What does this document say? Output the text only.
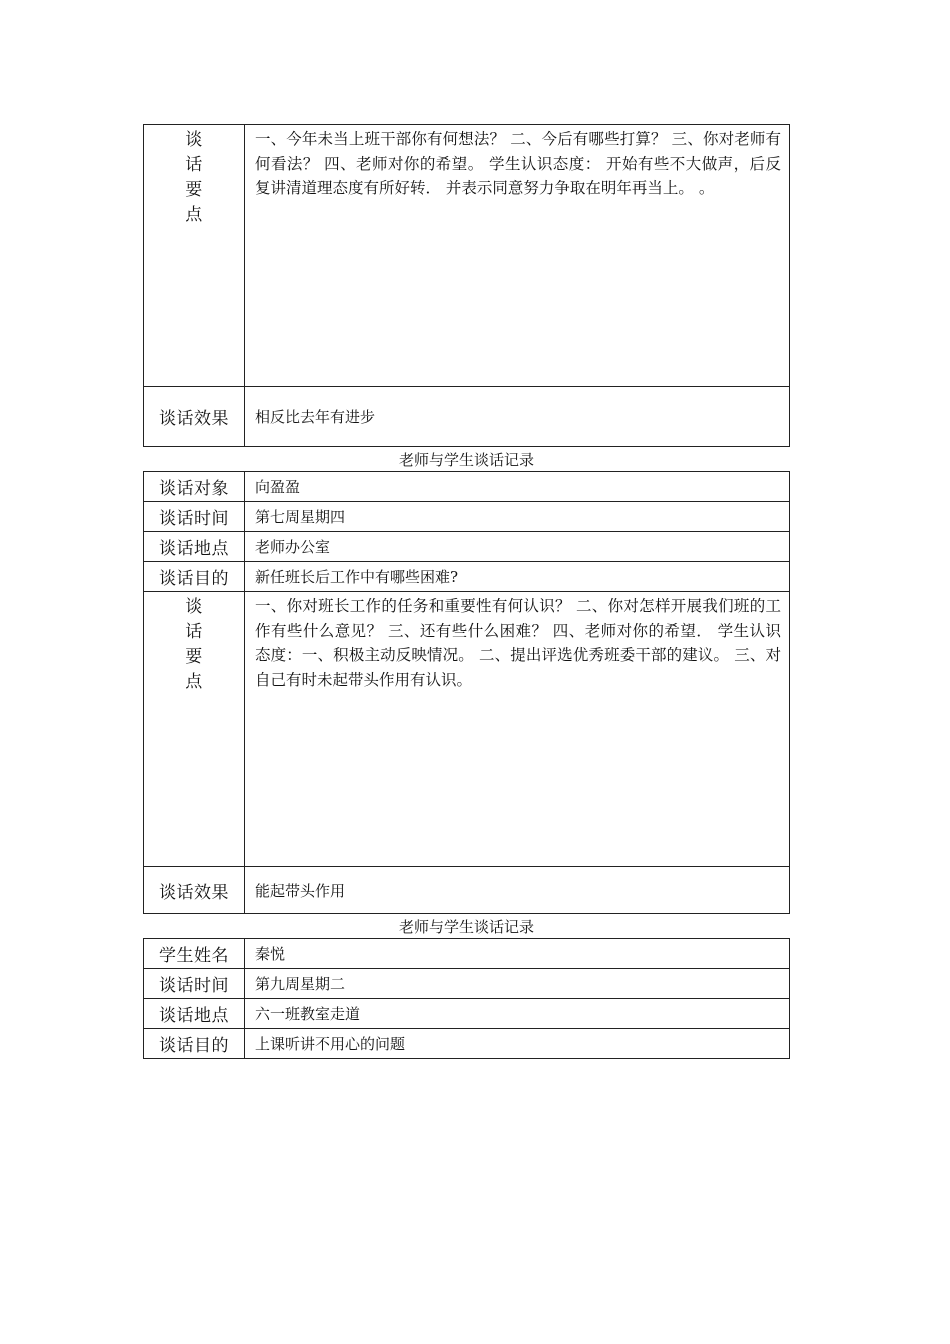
谈
话
要
点	一、今年未当上班干部你有何想法？ 二、今后有哪些打算？ 三、你对老师有何看法？ 四、老师对你的希望。 学生认识态度： 开始有些不大做声，后反复讲清道理态度有所好转． 并表示同意努力争取在明年再当上。 。
谈话效果	相反比去年有进步
老师与学生谈话记录
谈话对象	向盈盈
谈话时间	第七周星期四
谈话地点	老师办公室
谈话目的	新任班长后工作中有哪些困难?

谈
话
要
点	一、你对班长工作的任务和重要性有何认识？ 二、你对怎样开展我们班的工作有些什么意见？ 三、还有些什么困难？ 四、老师对你的希望． 学生认识态度：一、积极主动反映情况。 二、提出评选优秀班委干部的建议。 三、对自己有时未起带头作用有认识。
谈话效果	能起带头作用
老师与学生谈话记录
学生姓名	秦悦
谈话时间	第九周星期二
谈话地点	六一班教室走道
谈话目的	上课听讲不用心的问题
